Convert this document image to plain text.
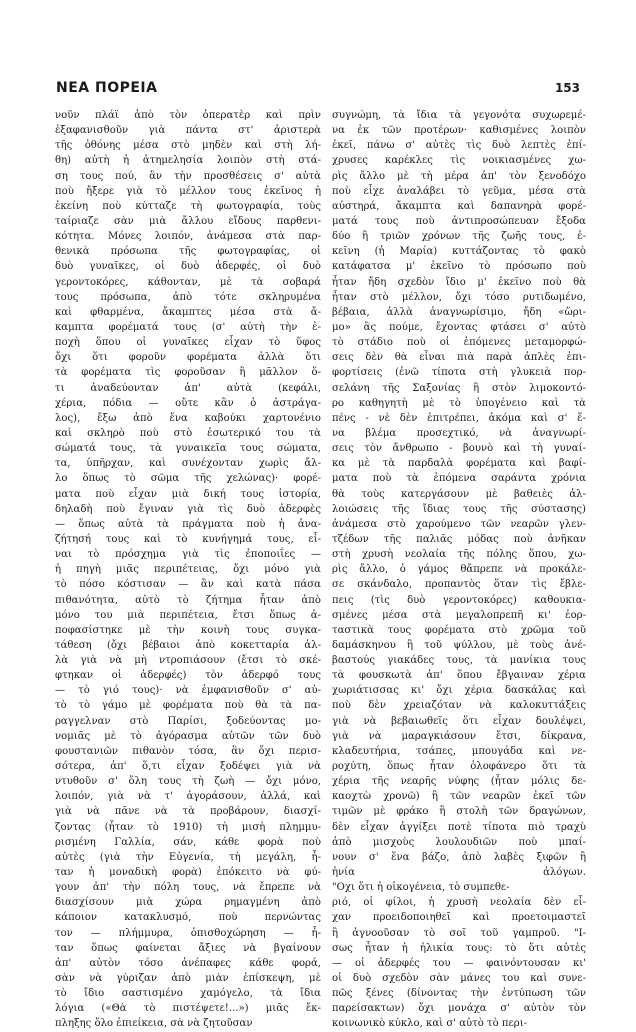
ΝΕΑ ΠΟΡΕΙΑ	153
νοῦν πλάϊ ἀπὸ τὸν ὀπερατὲρ καὶ πρὶν
ἐξαφανισθοῦν γιὰ πάντα στ' ἀριστερὰ
τῆς ὀθόνης μέσα στὸ μηδὲν καὶ στὴ λή-
θη) αὐτὴ ἡ ἀτημελησία λοιπὸν στὴ στά-
ση τους πού, ἂν τὴν προσθέσεις σ' αὐτὰ
ποὺ ἤξερε γιὰ τὸ μέλλον τους ἐκεῖνος ἡ
ἐκείνη ποὺ κύτταζε τὴ φωτογραφία, τοὺς
ταίριαζε σὰν μιὰ ἄλλου εἴδους παρθενι-
κότητα. Μόνες λοιπόν, ἀνάμεσα στὰ παρ-
θενικὰ πρόσωπα τῆς φωτογραφίας, οἱ
δυὸ γυναῖκες, οἱ δυὸ ἀδερφές, οἱ δυὸ
γεροντοκόρες, κάθονταν, μὲ τὰ σοβαρά
τους πρόσωπα, ἀπὸ τότε σκληρυμένα
καὶ φθαρμένα, ἄκαμπτες μέσα στὰ ἄ-
καμπτα φορέματά τους (σ' αὐτὴ τὴν ἐ-
ποχὴ ὅπου οἱ γυναῖκες εἶχαν τὸ ὕφος
ὄχι ὅτι φοροῦν φορέματα ἀλλὰ ὅτι
τὰ φορέματα τὶς φοροῦσαν ἢ μᾶλλον ὅ-
τι ἀναδεύονταν ἀπ' αὐτὰ (κεφάλι,
χέρια, πόδια — οὔτε κἂν ὁ ἀστράγα-
λος), ἔξω ἀπὸ ἕνα καβούκι χαρτονένιο
καὶ σκληρὸ ποὺ στὸ ἐσωτερικό του τὰ
σώματά τους, τὰ γυναικεῖα τους σώματα,
τα, ὑπῆρχαν, καὶ συνέχονταν χωρὶς ἄλ-
λο ὅπως τὸ σῶμα τῆς χελώνας)· φορέ-
ματα ποὺ εἶχαν μιὰ δική τους ἱστορία,
δηλαδὴ ποὺ ἔγιναν γιὰ τὶς δυὸ ἀδερφὲς
— ὅπως αὐτὰ τὰ πράγματα ποὺ ἡ ἀνα-
ζήτησή τους καὶ τὸ κυνήγημά τους, εἶ-
ναι τὸ πρόσχημα γιὰ τὶς ἐποποιΐες —
ἡ πηγὴ μιᾶς περιπέτειας, ὄχι μόνο γιὰ
τὸ πόσο κόστισαν — ἂν καὶ κατὰ πάσα
πιθανότητα, αὐτὸ τὸ ζήτημα ἦταν ἀπὸ
μόνο του μιὰ περιπέτεια, ἔτσι ὅπως ἀ-
ποφασίστηκε μὲ τὴν κοινὴ τους συγκα-
τάθεση (ὄχι βέβαιοι ἀπὸ κοκετταρία ἀλ-
λὰ γιὰ νὰ μὴ ντροπιάσουν (ἔτσι τὸ σκέ-
φτηκαν οἱ ἀδερφές) τὸν ἀδερφό τους
— τὸ γιό τους)· νὰ ἐμφανισθοῦν σ' αὐ-
τὸ τὸ γάμο μὲ φορέματα ποὺ θὰ τὰ πα-
ραγγελναν στὸ Παρίσι, ξοδεύοντας μο-
νομιᾶς μὲ τὸ ἀγόρασμα αὐτῶν τῶν δυὸ
φουστανιῶν πιθανὸν τόσα, ἂν ὄχι περισ-
σότερα, ἀπ' ὅ,τι εἶχαν ξοδέψει γιὰ νὰ
ντυθοῦν σ' ὅλη τους τὴ ζωὴ — ὄχι μόνο,
λοιπόν, γιὰ νὰ τ' ἀγοράσουν, ἀλλά, καὶ
γιὰ νὰ πᾶνε νὰ τὰ προβάρουν, διασχί-
ζοντας (ἦταν τὸ 1910) τὴ μισὴ πλημμυ-
ρισμένη Γαλλία, σάν, κάθε φορὰ ποὺ
αὐτὲς (γιὰ τὴν Εὐγενία, τὴ μεγάλη, ἦ-
ταν ἡ μοναδικὴ φορὰ) ἐπόκειτο νὰ φύ-
γουν ἀπ' τὴν πόλη τους, νὰ ἔπρεπε νὰ
διασχίσουν μιὰ χώρα ρημαγμένη ἀπὸ
κάποιον κατακλυσμό, ποὺ περνώντας
τον — πλήμμυρα, ὀπισθοχώρηση — ἦ-
ταν ὅπως φαίνεται ἄξιες νὰ βγαίνουν
ἀπ' αὐτὸν τόσο ἀνέπαφες κάθε φορά,
σὰν νὰ γύριζαν ἀπὸ μιὰν ἐπίσκεψη, μὲ
τὸ ἴδιο σαστισμένο χαμόγελο, τὰ ἴδια
λόγια («Θὰ τὸ πιστέψετε!...») μιᾶς ἔκ-
πληξης ὅλο ἐπιείκεια, σὰ νὰ ζητοῦσαν
συγνώμη, τὰ ἴδια τὰ γεγονότα συχωρεμέ-
να ἐκ τῶν προτέρων· καθισμένες λοιπὸν
ἐκεῖ, πάνω σ' αὐτὲς τὶς δυὸ λεπτὲς ἐπί-
χρυσες καρέκλες τὶς νοικιασμένες χω-
ρὶς ἄλλο μὲ τὴ μέρα ἀπ' τὸν ξενοδόχο
ποὺ εἶχε ἀναλάβει τὸ γεῦμα, μέσα στὰ
αὐστηρά, ἄκαμπτα καὶ δαπανηρὰ φορέ-
ματά τους ποὺ ἀντιπροσώπευαν ἔξοδα
δύο ἢ τριῶν χρόνων τῆς ζωῆς τους, ἐ-
κεῖνη (ἡ Μαρία) κυττάζοντας τὸ φακὸ
κατάφατσα μ' ἐκεῖνο τὸ πρόσωπο ποὺ
ἦταν ἤδη σχεδὸν ἴδιο μ' ἐκεῖνο ποὺ θὰ
ἦταν στὸ μέλλον, ὄχι τόσο ρυτιδωμένο,
βέβαια, ἀλλὰ ἀναγνωρίσιμο, ἤδη «ὥρι-
μο» ἂς πούμε, ἔχοντας φτάσει σ' αὐτὸ
τὸ στάδιο ποὺ οἱ ἑπόμενες μεταμορφώ-
σεις δὲν θὰ εἶναι πιὰ παρὰ ἁπλὲς ἐπι-
φορτίσεις (ἐνῶ τίποτα στὴ γλυκειὰ πορ-
σελάνη τῆς Σαξονίας ἢ στὸν λιμοκοντό-
ρο καθηγητὴ μὲ τὸ ὑπογένειο καὶ τὰ
πένς - νὲ δὲν ἐπιτρέπει, ἀκόμα καὶ σ' ἕ-
να βλέμα προσεχτικό, νὰ ἀναγνωρί-
σεις τὸν ἄνθρωπο - βουνὸ καὶ τὴ γυναί-
κα μὲ τὰ παρδαλὰ φορέματα καὶ βαφί-
ματα ποὺ τὰ ἑπόμενα σαράντα χρόνια
θὰ τοὺς κατεργάσουν μὲ βαθειὲς ἀλ-
λοιώσεις τῆς ἴδιας τους τῆς σύστασης)
ἀνάμεσα στὸ χαρούμενο τῶν νεαρῶν γλεν-
τζέδων τῆς παλιᾶς μόδας ποὺ ἀνῆκαν
στὴ χρυσὴ νεολαία τῆς πόλης ὅπου, χω-
ρὶς ἄλλο, ὁ γάμος θἄπρεπε νὰ προκάλε-
σε σκάνδαλο, προπαντὸς ὅταν τὶς ἔβλε-
πεις (τὶς δυὸ γεροντοκόρες) καθουκια-
σμένες μέσα στὰ μεγαλοπρεπῆ κι' ἐορ-
ταστικὰ τους φορέματα στὸ χρῶμα τοῦ
δαμάσκηνου ἢ τοῦ ψύλλου, μὲ τοὺς ἀνέ-
βαστούς γιακάδες τους, τὰ μανίκια τους
τὰ φουσκωτὰ ἀπ' ὅπου ἔβγαιναν χέρια
χωριάτισσας κι' ὄχι χέρια δασκάλας καὶ
ποὺ δὲν χρειαζόταν νὰ καλοκυττάξεις
γιὰ νὰ βεβαιωθεῖς ὅτι εἶχαν δουλέψει,
γιὰ νὰ μαραγκιάσουν ἔτσι, δίκρανα,
κλαδευτήρια, τσάπες, μπουγάδα καὶ νε-
ροχύτη, ὅπως ἦταν ὁλοφάνερο ὅτι τὰ
χέρια τῆς νεαρῆς νύφης (ἦταν μόλις δε-
καοχτὼ χρονῶ) ἢ τῶν νεαρῶν ἐκεῖ τῶν
τιμῶν μὲ φράκο ἢ στολὴ τῶν δραγώνων,
δὲν εἶχαν ἀγγίξει ποτὲ τίποτα πιὸ τραχὺ
ἀπὸ μισχοὺς λουλουδιῶν ποὺ μπαί-
νουν σ' ἕνα βάζο, ἀπὸ λαβὲς ξιφῶν ἢ
ἡνία ἀλόγων.
"Οχι ὅτι ἡ οἰκογένεια, τὸ συμπεθε-
ριό, οἱ φίλοι, ἡ χρυσὴ νεολαία δὲν εἶ-
χαν προειδοποιηθεῖ καὶ προετοιμαστεῖ
ἢ ἀγνοοῦσαν τὸ σοῖ τοῦ γαμπροῦ. "Ι-
σως ἦταν ἡ ἡλικία τους: τὸ ὅτι αὐτὲς
— οἱ ἀδερφές του — φαινόντουσαν κι'
οἱ δυὸ σχεδὸν σὰν μάνες του καὶ συνε-
πῶς ξένες (δίνοντας τὴν ἐντύπωση τῶν
παρείσακτων) ὄχι μονάχα σ' αὐτὸν τὸν
κοινωνικὸ κύκλο, καὶ σ' αὐτὸ τὸ περι-
